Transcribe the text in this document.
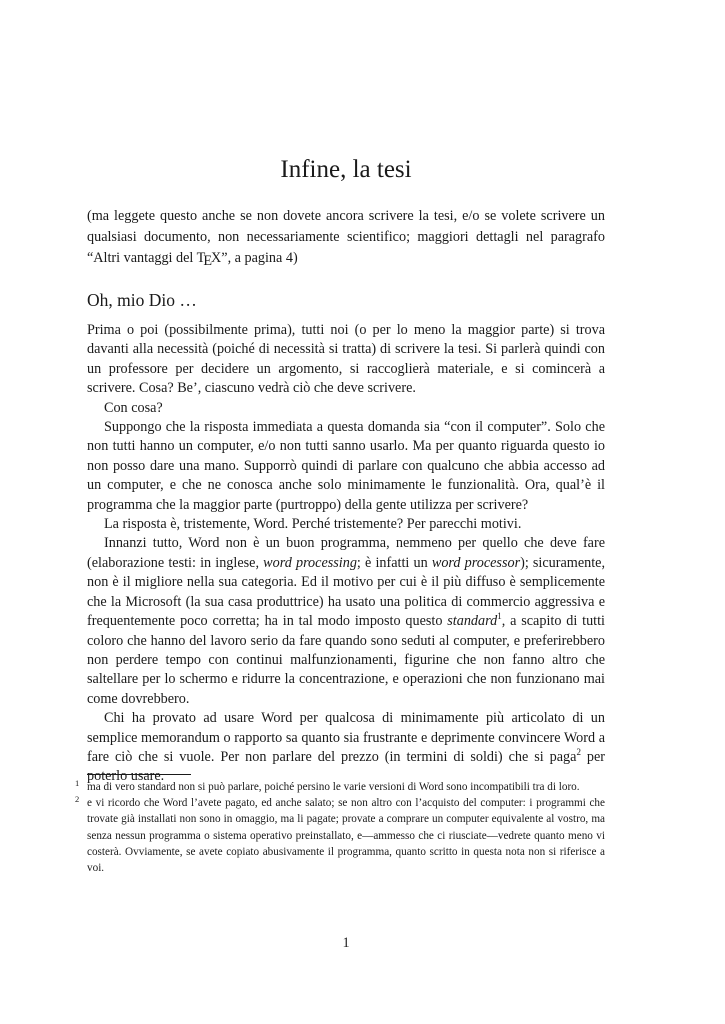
Infine, la tesi

(ma leggete questo anche se non dovete ancora scrivere la tesi, e/o se volete scrivere un qualsiasi documento, non necessariamente scientifico; maggiori dettagli nel paragrafo “Altri vantaggi del TEX”, a pagina 4)

Oh, mio Dio …

Prima o poi (possibilmente prima), tutti noi (o per lo meno la maggior parte) si trova davanti alla necessità (poiché di necessità si tratta) di scrivere la tesi. Si parlerà quindi con un professore per decidere un argomento, si raccoglierà materiale, e si comincerà a scrivere. Cosa? Be’, ciascuno vedrà ciò che deve scrivere.

Con cosa?

Suppongo che la risposta immediata a questa domanda sia “con il computer”. Solo che non tutti hanno un computer, e/o non tutti sanno usarlo. Ma per quanto riguarda questo io non posso dare una mano. Supporrò quindi di parlare con qualcuno che abbia accesso ad un computer, e che ne conosca anche solo minimamente le funzionalità. Ora, qual’è il programma che la maggior parte (purtroppo) della gente utilizza per scrivere?

La risposta è, tristemente, Word. Perché tristemente? Per parecchi motivi.

Innanzi tutto, Word non è un buon programma, nemmeno per quello che deve fare (elaborazione testi: in inglese, word processing; è infatti un word processor); sicuramente, non è il migliore nella sua categoria. Ed il motivo per cui è il più diffuso è semplicemente che la Microsoft (la sua casa produttrice) ha usato una politica di commercio aggressiva e frequentemente poco corretta; ha in tal modo imposto questo standard$^1$, a scapito di tutti coloro che hanno del lavoro serio da fare quando sono seduti al computer, e preferirebbero non perdere tempo con continui malfunzionamenti, figurine che non fanno altro che saltellare per lo schermo e ridurre la concentrazione, e operazioni che non funzionano mai come dovrebbero.

Chi ha provato ad usare Word per qualcosa di minimamente più articolato di un semplice memorandum o rapporto sa quanto sia frustrante e deprimente convincere Word a fare ciò che si vuole. Per non parlare del prezzo (in termini di soldi) che si paga$^2$ per poterlo usare.

1 ma di vero standard non si può parlare, poiché persino le varie versioni di Word sono incompatibili tra di loro.

2 e vi ricordo che Word l’avete pagato, ed anche salato; se non altro con l’acquisto del computer: i programmi che trovate già installati non sono in omaggio, ma li pagate; provate a comprare un computer equivalente al vostro, ma senza nessun programma o sistema operativo preinstallato, e—ammesso che ci riusciate—vedrete quanto meno vi costerà. Ovviamente, se avete copiato abusivamente il programma, quanto scritto in questa nota non si riferisce a voi.

1
